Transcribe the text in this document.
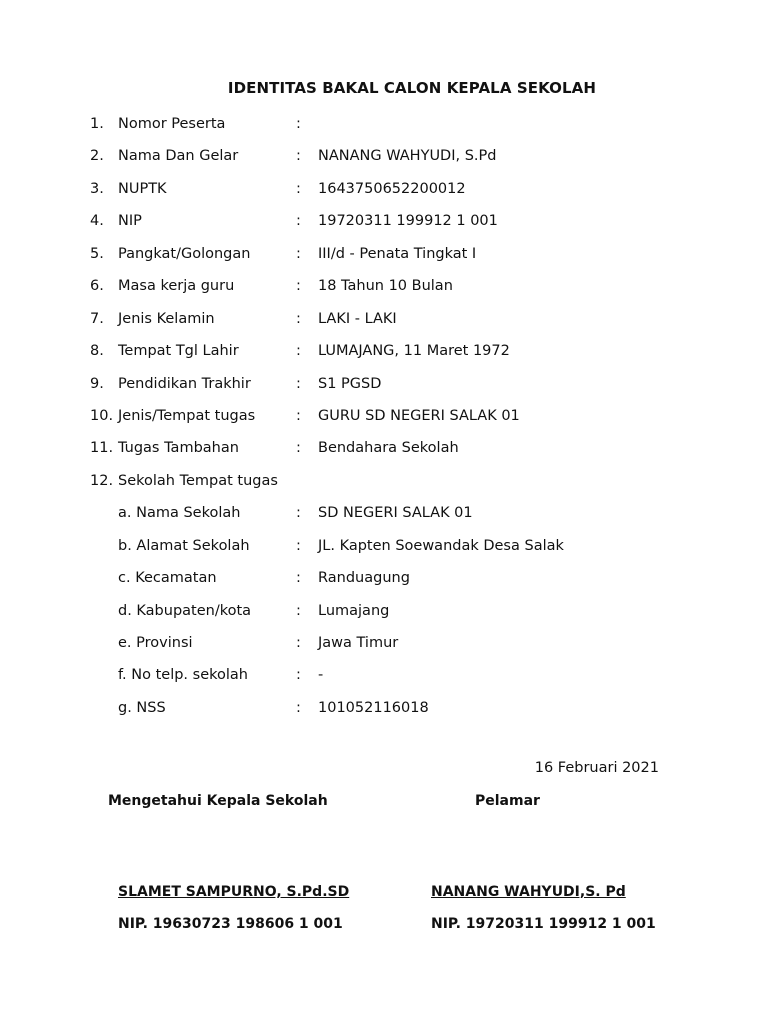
IDENTITAS BAKAL CALON KEPALA SEKOLAH
1. Nomor Peserta	:
2. Nama Dan Gelar	: NANANG WAHYUDI, S.Pd
3. NUPTK	: 1643750652200012
4. NIP	: 19720311 199912 1 001
5. Pangkat/Golongan	: III/d - Penata Tingkat I
6. Masa kerja guru	: 18 Tahun 10 Bulan
7. Jenis Kelamin	: LAKI - LAKI
8. Tempat Tgl Lahir	: LUMAJANG, 11 Maret 1972
9. Pendidikan Trakhir	: S1 PGSD
10. Jenis/Tempat tugas	: GURU SD NEGERI SALAK 01
11. Tugas Tambahan	: Bendahara Sekolah
12. Sekolah Tempat tugas
a. Nama Sekolah	: SD NEGERI SALAK 01
b. Alamat Sekolah	: JL. Kapten Soewandak Desa Salak
c. Kecamatan	: Randuagung
d. Kabupaten/kota	: Lumajang
e. Provinsi	: Jawa Timur
f. No telp. sekolah	: -
g. NSS	: 101052116018
16 Februari 2021
Mengetahui Kepala Sekolah	Pelamar
SLAMET SAMPURNO, S.Pd.SD	NANANG WAHYUDI,S. Pd
NIP. 19630723 198606 1 001	NIP. 19720311 199912 1 001
